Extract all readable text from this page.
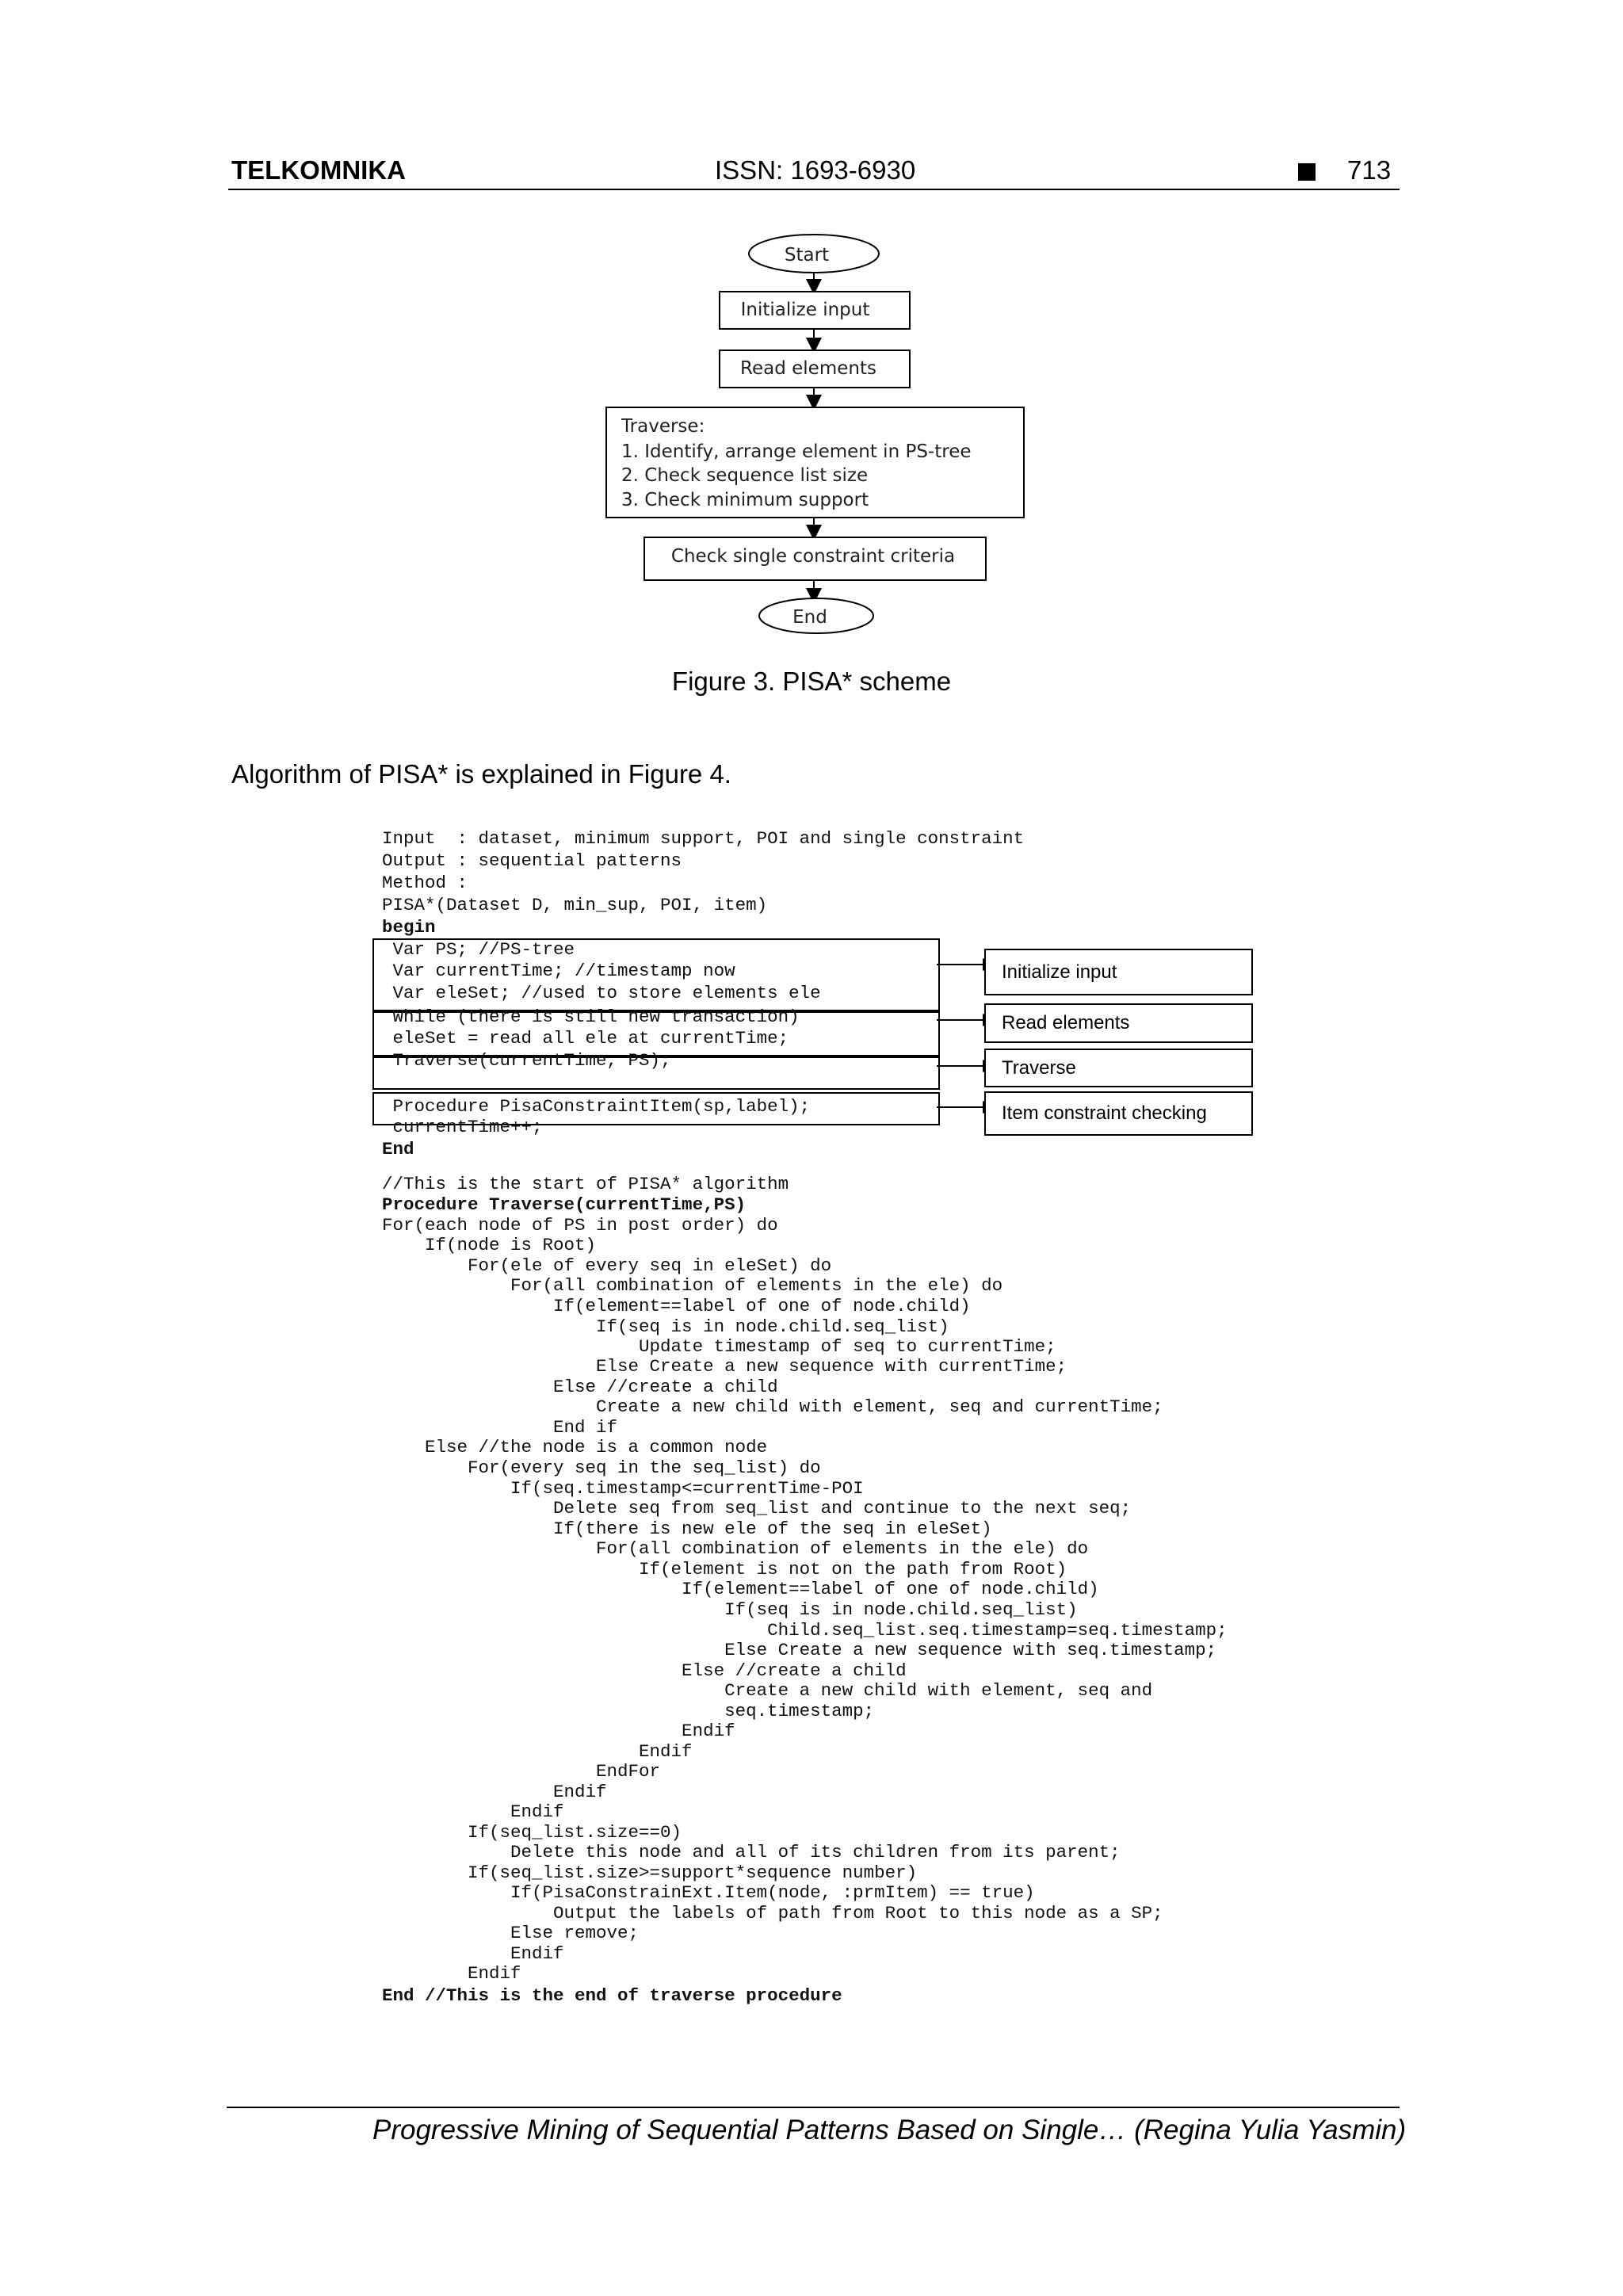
TELKOMNIKA	ISSN: 1693-6930	713
Start
Initialize input
Read elements
Traverse:
1. Identify, arrange element in PS-tree
2. Check sequence list size
3. Check minimum support
Check single constraint criteria
End
Figure 3. PISA* scheme
Algorithm of PISA* is explained in Figure 4.
Initialize input
Read elements
Traverse
Item constraint checking
Input  : dataset, minimum support, POI and single constraint
Output : sequential patterns
Method :
PISA*(Dataset D, min_sup, POI, item)
begin
Var PS; //PS-tree
Var currentTime; //timestamp now
Var eleSet; //used to store elements ele
While (there is still new transaction)
eleSet = read all ele at currentTime;
Traverse(currentTime, PS);
Procedure PisaConstraintItem(sp,label);
currentTime++;
End
//This is the start of PISA* algorithm
Procedure Traverse(currentTime,PS)
For(each node of PS in post order) do
If(node is Root)
For(ele of every seq in eleSet) do
For(all combination of elements in the ele) do
If(element==label of one of node.child)
If(seq is in node.child.seq_list)
Update timestamp of seq to currentTime;
Else Create a new sequence with currentTime;
Else //create a child
Create a new child with element, seq and currentTime;
End if
Else //the node is a common node
For(every seq in the seq_list) do
If(seq.timestamp<=currentTime-POI
Delete seq from seq_list and continue to the next seq;
If(there is new ele of the seq in eleSet)
For(all combination of elements in the ele) do
If(element is not on the path from Root)
If(element==label of one of node.child)
If(seq is in node.child.seq_list)
Child.seq_list.seq.timestamp=seq.timestamp;
Else Create a new sequence with seq.timestamp;
Else //create a child
Create a new child with element, seq and
seq.timestamp;
Endif
Endif
EndFor
Endif
Endif
If(seq_list.size==0)
Delete this node and all of its children from its parent;
If(seq_list.size>=support*sequence number)
If(PisaConstrainExt.Item(node, :prmItem) == true)
Output the labels of path from Root to this node as a SP;
Else remove;
Endif
Endif
End //This is the end of traverse procedure
Progressive Mining of Sequential Patterns Based on Single… (Regina Yulia Yasmin)
